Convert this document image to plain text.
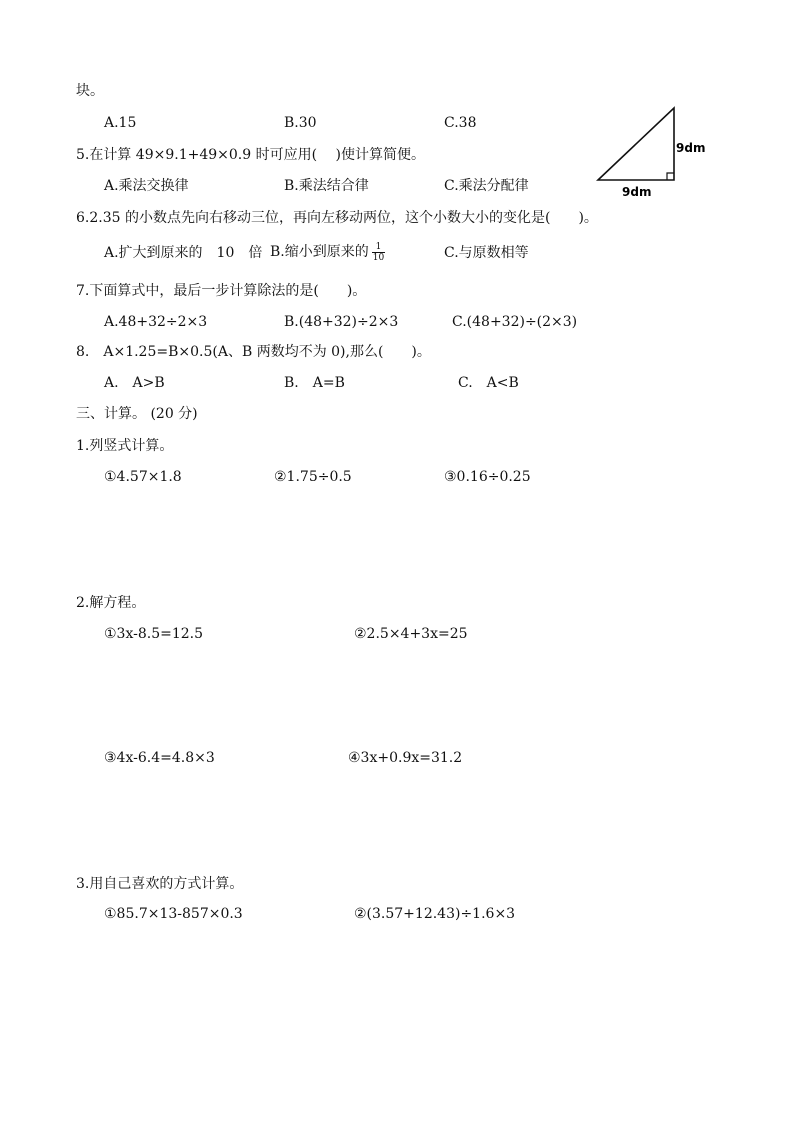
块。
A.15	B.30	C.38
9dm
9dm
5.在计算 49×9.1+49×0.9 时可应用(　 )使计算简便。
A.乘法交换律	B.乘法结合律	C.乘法分配律
6.2.35 的小数点先向右移动三位，再向左移动两位，这个小数大小的变化是(　　)。
A.扩大到原来的　10　倍 B.缩小到原来的 $\frac{1}{10}$	C.与原数相等
7.下面算式中，最后一步计算除法的是(　　)。
A.48+32÷2×3	B.(48+32)÷2×3	C.(48+32)÷(2×3)
8.　A×1.25=B×0.5(A、B 两数均不为 0),那么(　　)。
A.　A>B	B.　A=B	C.　A<B
三、计算。 (20 分)
1.列竖式计算。
①4.57×1.8	②1.75÷0.5	③0.16÷0.25
2.解方程。
①3x-8.5=12.5	②2.5×4+3x=25
③4x-6.4=4.8×3	④3x+0.9x=31.2
3.用自己喜欢的方式计算。
①85.7×13-857×0.3	②(3.57+12.43)÷1.6×3
